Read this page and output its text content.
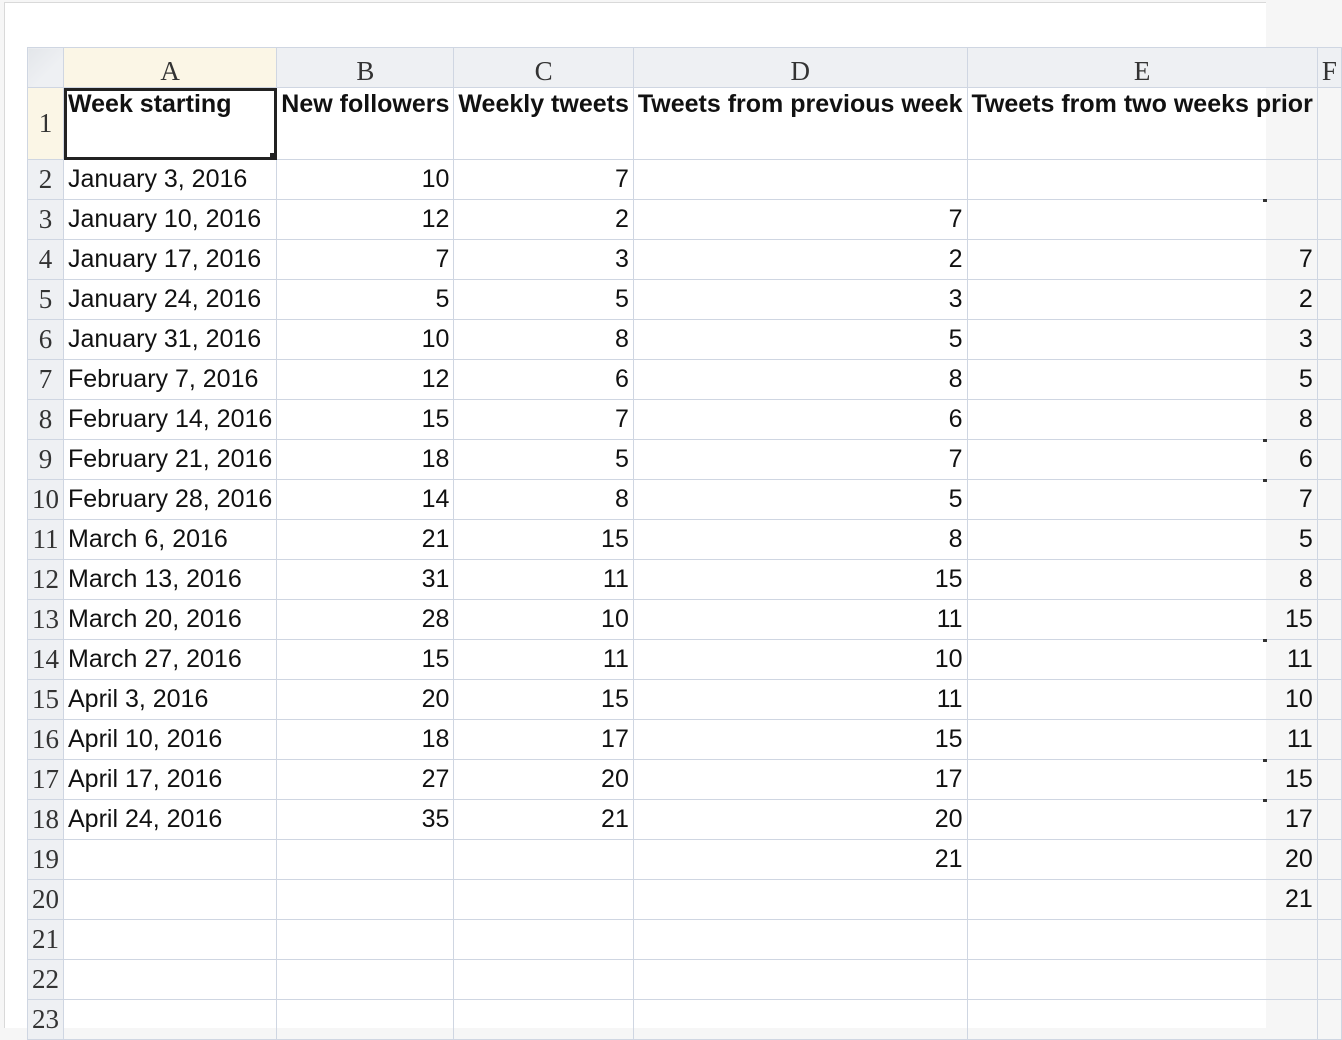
	A	B	C	D	E	F
1	Week starting	New followers	Weekly tweets	Tweets from previous week	Tweets from two weeks prior	
2	January 3, 2016	10	7			
3	January 10, 2016	12	2	7		
4	January 17, 2016	7	3	2	7	
5	January 24, 2016	5	5	3	2	
6	January 31, 2016	10	8	5	3	
7	February 7, 2016	12	6	8	5	
8	February 14, 2016	15	7	6	8	
9	February 21, 2016	18	5	7	6	
10	February 28, 2016	14	8	5	7	
11	March 6, 2016	21	15	8	5	
12	March 13, 2016	31	11	15	8	
13	March 20, 2016	28	10	11	15	
14	March 27, 2016	15	11	10	11	
15	April 3, 2016	20	15	11	10	
16	April 10, 2016	18	17	15	11	
17	April 17, 2016	27	20	17	15	
18	April 24, 2016	35	21	20	17	
19				21	20	
20					21	
21						
22						
23						
